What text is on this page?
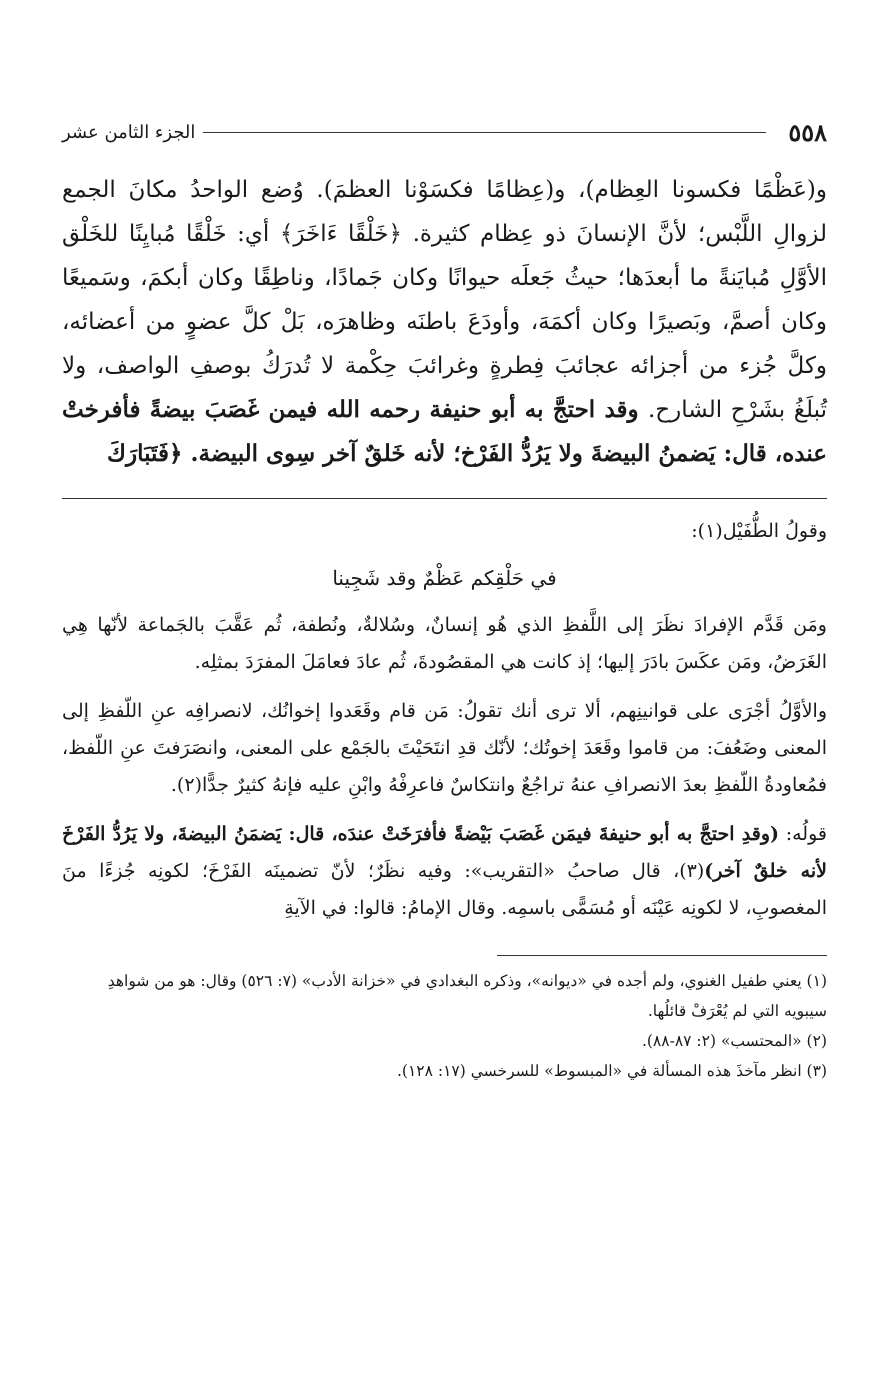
٥٥٨
الجزء الثامن عشر

و(عَظْمًا فكسونا العِظام)، و(عِظامًا فكسَوْنا العظمَ). وُضع الواحدُ مكانَ الجمع لزوالِ اللَّبْس؛ لأنَّ الإنسانَ ذو عِظام كثيرة. ﴿خَلْقًا ءَاخَرَ﴾ أي: خَلْقًا مُبايِنًا للخَلْق الأوَّلِ مُبايَنةً ما أبعدَها؛ حيثُ جَعلَه حيوانًا وكان جَمادًا، وناطِقًا وكان أبكمَ، وسَميعًا وكان أصمَّ، وبَصيرًا وكان أكمَهَ، وأودَعَ باطنَه وظاهرَه، بَلْ كلَّ عضوٍ من أعضائه، وكلَّ جُزء من أجزائه عجائبَ فِطرةٍ وغرائبَ حِكْمة لا تُدرَكُ بوصفِ الواصف، ولا تُبلَغُ بشَرْحِ الشارح. وقد احتجَّ به أبو حنيفة رحمه الله فيمن غَصَبَ بيضةً فأفرختْ عنده، قال: يَضمنُ البيضةَ ولا يَرُدُّ الفَرْخ؛ لأنه خَلقٌ آخر سِوى البيضة. ﴿فَتَبَارَكَ

وقولُ الطُّفَيْل(١):

في حَلْقِكم عَظْمٌ وقد شَجِينا

ومَن قَدَّم الإفرادَ نظَرَ إلى اللَّفظِ الذي هُو إنسانٌ، وسُلالةٌ، ونُطفة، ثُم عَقَّبَ بالجَماعة لأنّها هِي الغَرَضُ، ومَن عكَسَ بادَرَ إليها؛ إذ كانت هي المقصُودةَ، ثُم عادَ فعامَلَ المفرَدَ بمثلِه.

والأوَّلُ أجْرَى على قوانينِهم، ألا ترى أنك تقولُ: مَن قام وقَعَدوا إخوانُك، لانصرافِه عنِ اللّفظِ إلى المعنى وضَعُفَ: من قاموا وقَعَدَ إخوتُك؛ لأنّك قدِ انتَحَيْتَ بالجَمْع على المعنى، وانصَرَفتَ عنِ اللّفظ، فمُعاودةُ اللّفظِ بعدَ الانصرافِ عنهُ تراجُعٌ وانتكاسٌ فاعرِفْهُ وابْنِ عليه فإنهُ كثيرٌ جدًّا(٢).

قولُه: (وقدِ احتجَّ به أبو حنيفةَ فيمَن غَصَبَ بَيْضةً فأفرَخَتْ عندَه، قال: يَضمَنُ البيضةَ، ولا يَرُدُّ الفَرْخَ لأنه خلقٌ آخر)(٣)، قال صاحبُ «التقريب»: وفيه نظَرٌ؛ لأنّ تضمينَه الفَرْخَ؛ لكونِه جُزءًا منَ المغصوبِ، لا لكونِه عَيْنَه أو مُسَمًّى باسمِه. وقال الإمامُ: قالوا: في الآيةِ

(١) يعني طفيل الغنوي، ولم أجده في «ديوانه»، وذكره البغدادي في «خزانة الأدب» (٧: ٥٢٦) وقال: هو من شواهدِ سيبويه التي لم يُعْرَفْ قائلُها.

(٢) «المحتسب» (٢: ٨٧-٨٨).

(٣) انظر مآخذَ هذه المسألة في «المبسوط» للسرخسي (١٧: ١٢٨).
